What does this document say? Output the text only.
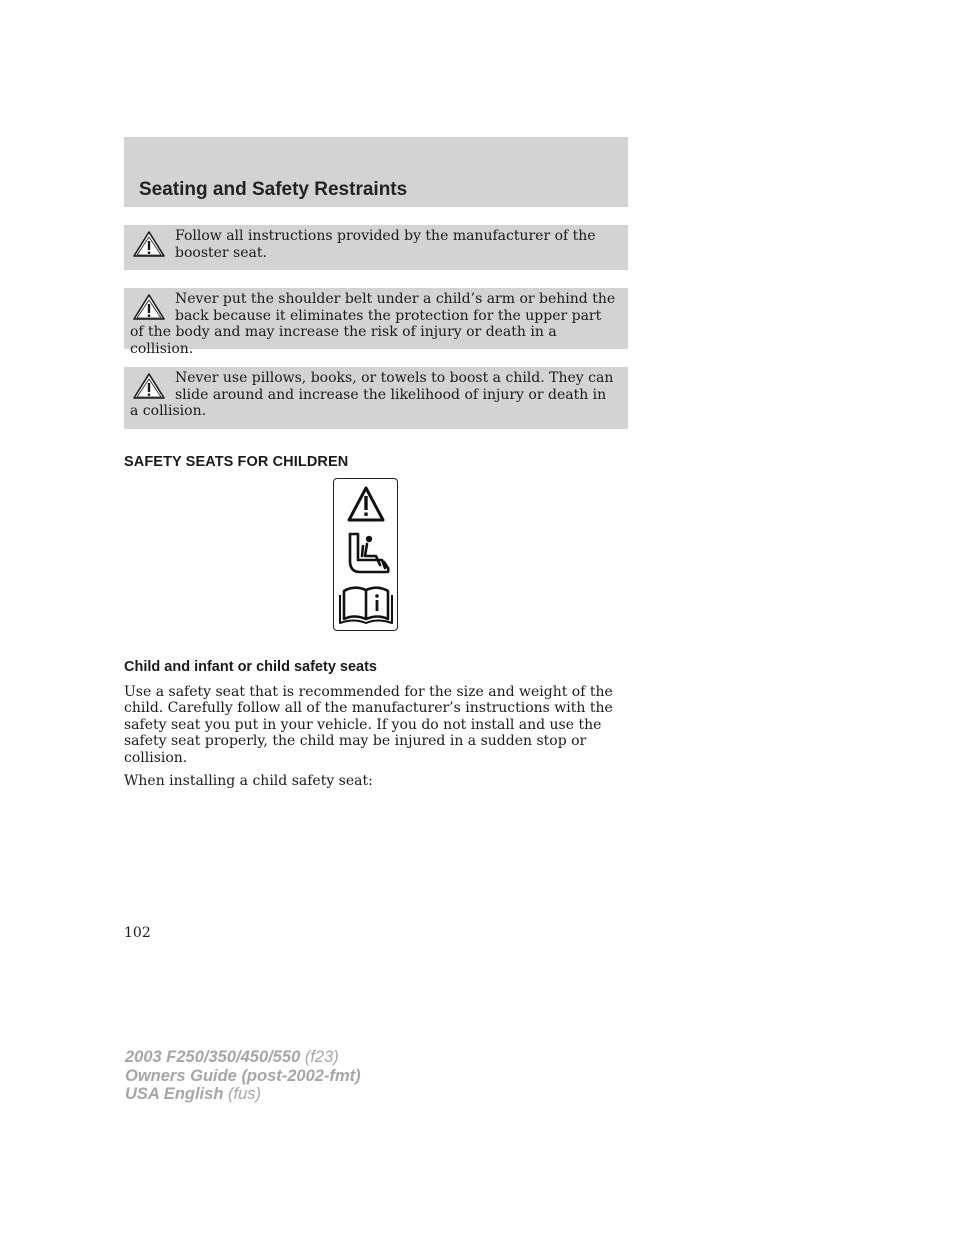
Seating and Safety Restraints
Follow all instructions provided by the manufacturer of the booster seat.
Never put the shoulder belt under a child’s arm or behind the back because it eliminates the protection for the upper part of the body and may increase the risk of injury or death in a collision.
Never use pillows, books, or towels to boost a child. They can slide around and increase the likelihood of injury or death in a collision.
SAFETY SEATS FOR CHILDREN
Child and infant or child safety seats

Use a safety seat that is recommended for the size and weight of the child. Carefully follow all of the manufacturer’s instructions with the safety seat you put in your vehicle. If you do not install and use the safety seat properly, the child may be injured in a sudden stop or collision.

When installing a child safety seat:

102
2003 F250/350/450/550 (f23)
Owners Guide (post-2002-fmt)
USA English (fus)
